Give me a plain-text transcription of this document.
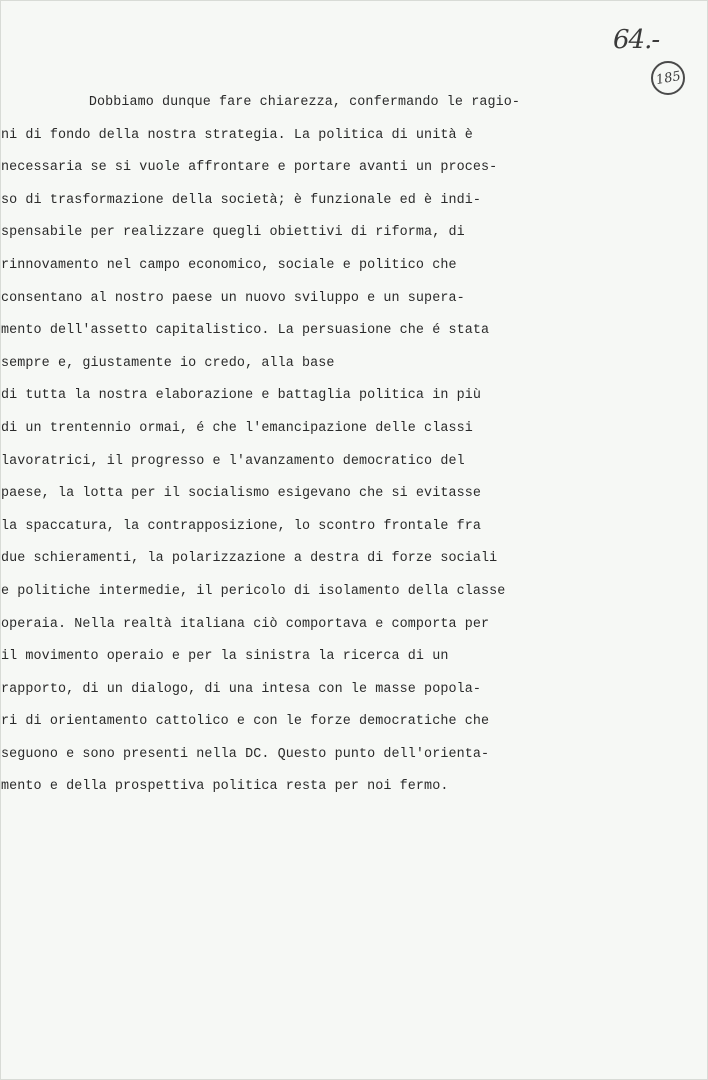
64.-
185
Dobbiamo dunque fare chiarezza, confermando le ragio-
ni di fondo della nostra strategia. La politica di unità è
necessaria se si vuole affrontare e portare avanti un proces-
so di trasformazione della società; è funzionale ed è indi-
spensabile per realizzare quegli obiettivi di riforma, di
rinnovamento nel campo economico, sociale e politico che
consentano al nostro paese un nuovo sviluppo e un supera-
mento dell'assetto capitalistico. La persuasione che é stata
sempre e, giustamente io credo, alla base
di tutta la nostra elaborazione e battaglia politica in più
di un trentennio ormai, é che l'emancipazione delle classi
lavoratrici, il progresso e l'avanzamento democratico del
paese, la lotta per il socialismo esigevano che si evitasse
la spaccatura, la contrapposizione, lo scontro frontale fra
due schieramenti, la polarizzazione a destra di forze sociali
e politiche intermedie, il pericolo di isolamento della classe
operaia. Nella realtà italiana ciò comportava e comporta per
il movimento operaio e per la sinistra la ricerca di un
rapporto, di un dialogo, di una intesa con le masse popola-
ri di orientamento cattolico e con le forze democratiche che
seguono e sono presenti nella DC. Questo punto dell'orienta-
mento e della prospettiva politica resta per noi fermo.
